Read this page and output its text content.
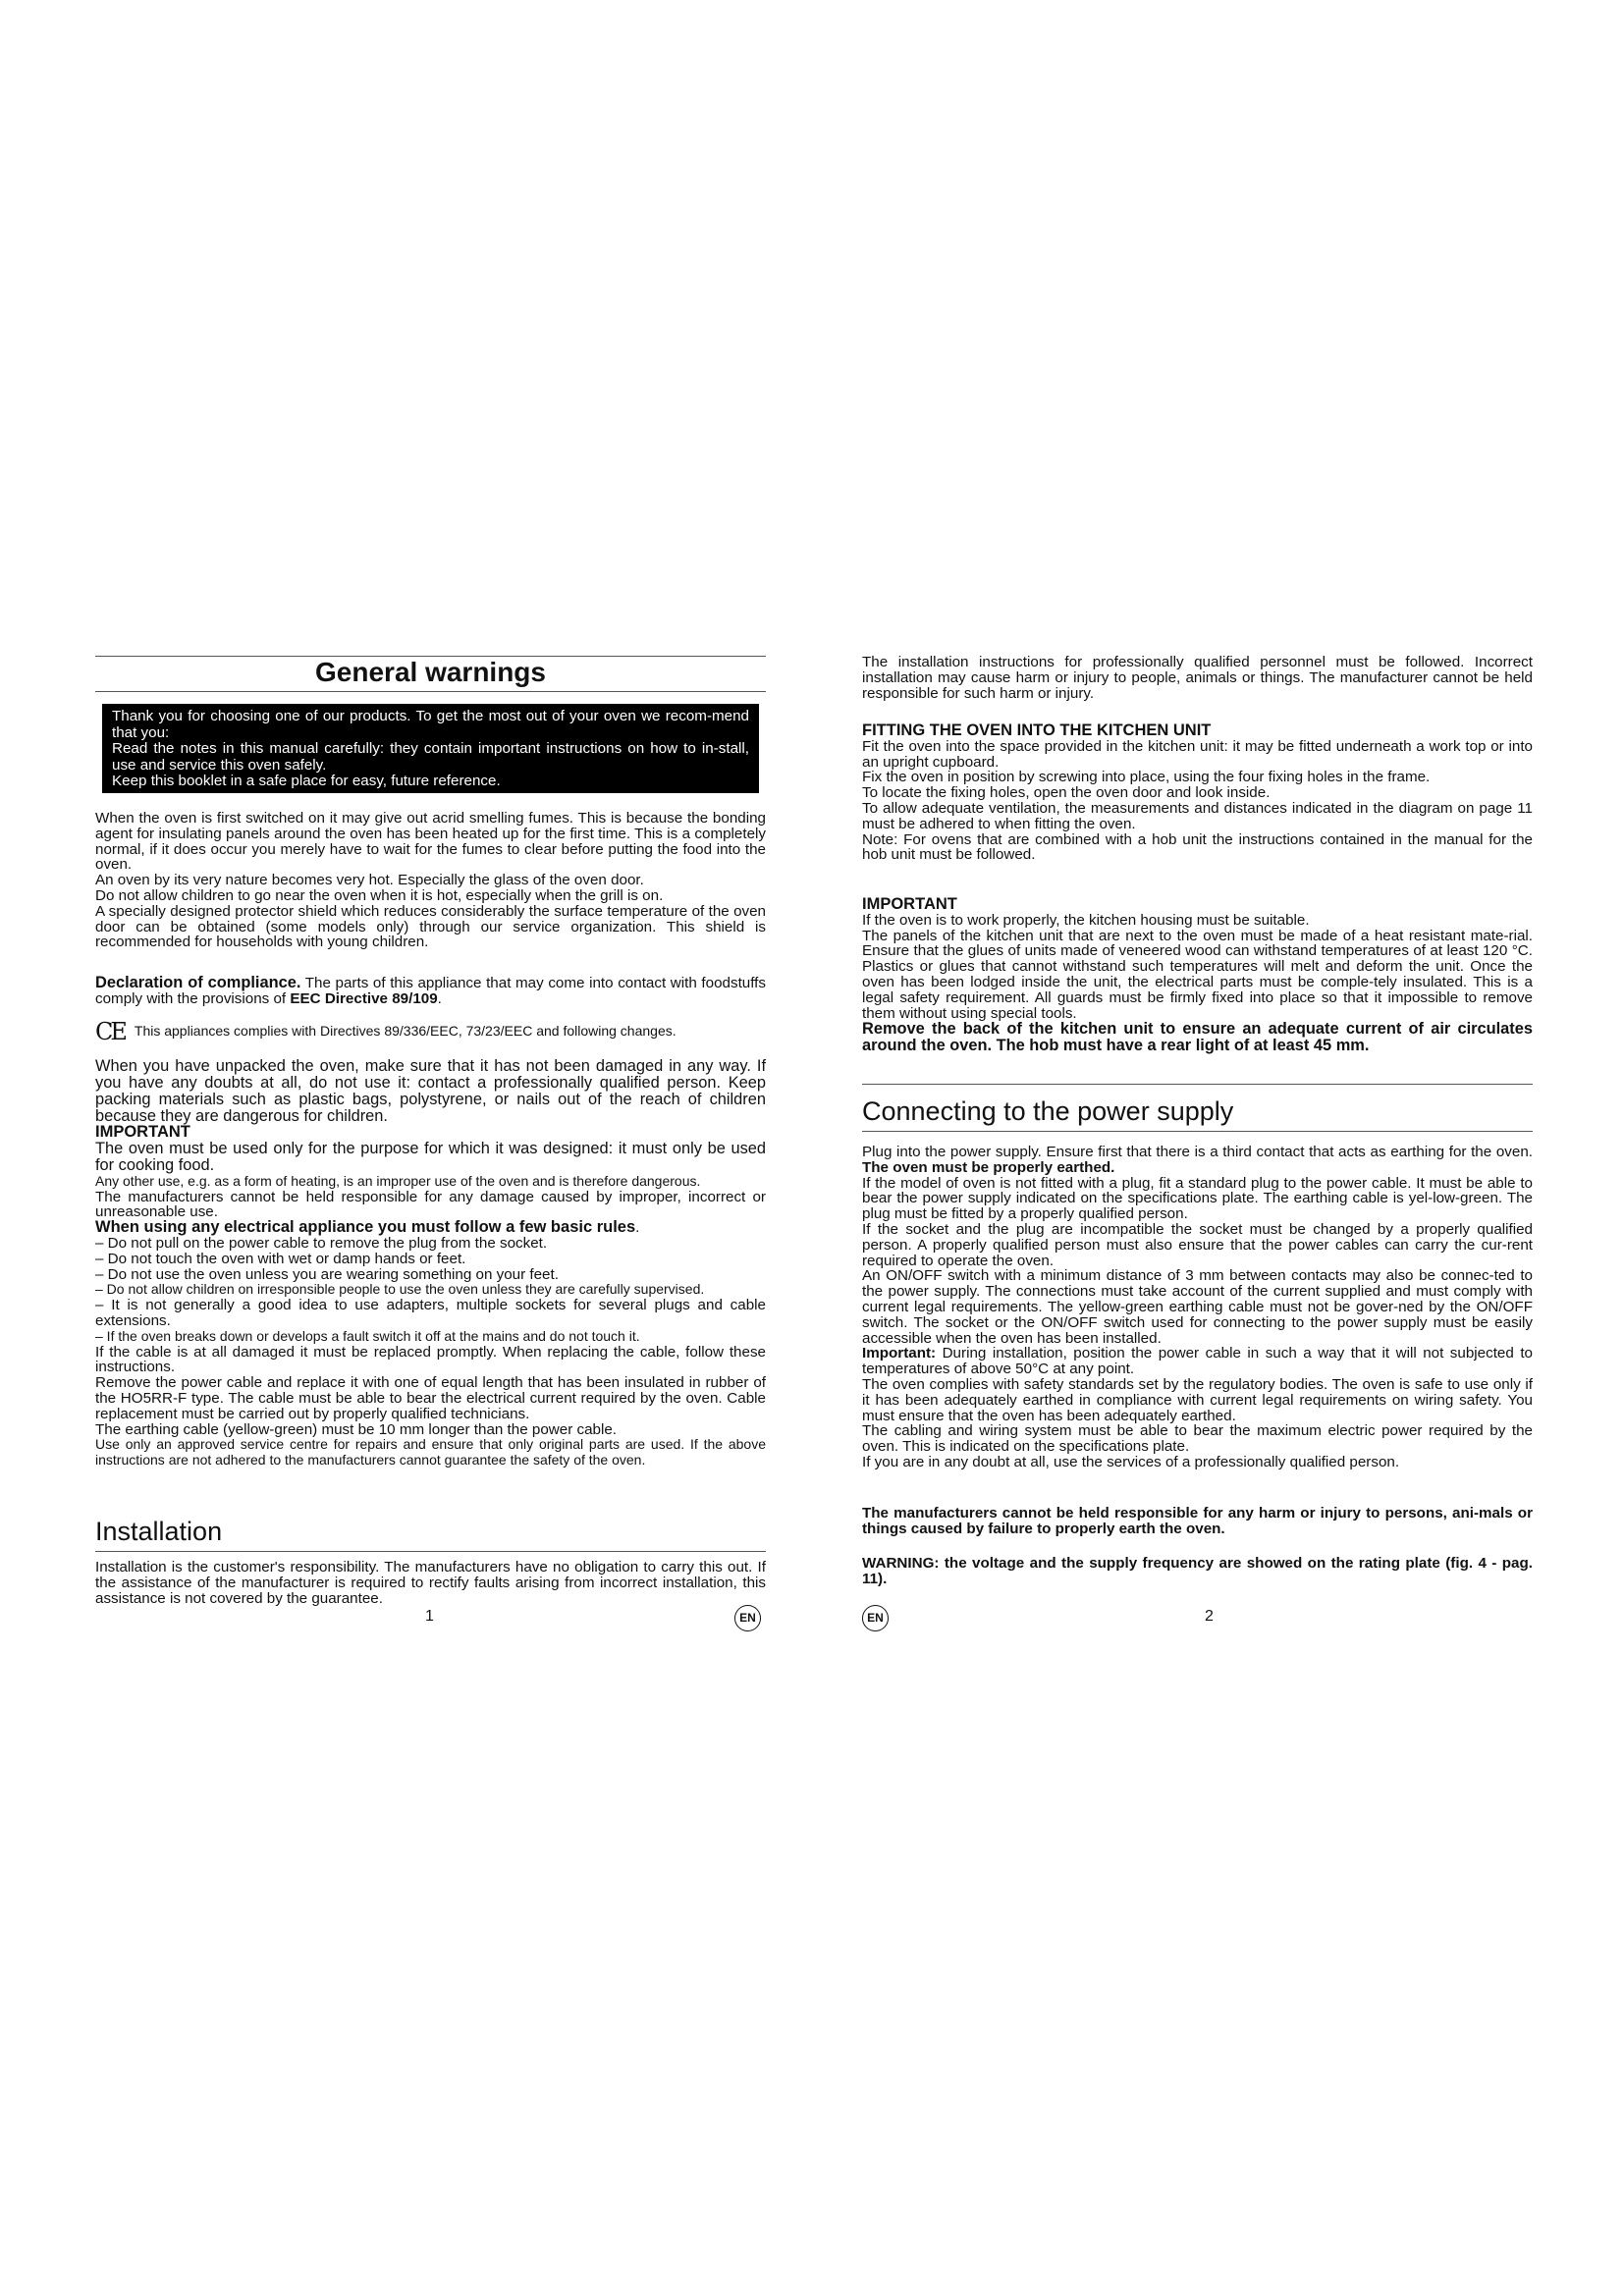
General warnings

Thank you for choosing one of our products. To get the most out of your oven we recom-mend that you:

Read the notes in this manual carefully: they contain important instructions on how to in-stall, use and service this oven safely.

Keep this booklet in a safe place for easy, future reference.

When the oven is first switched on it may give out acrid smelling fumes. This is because the bonding agent for insulating panels around the oven has been heated up for the first time. This is a completely normal, if it does occur you merely have to wait for the fumes to clear before putting the food into the oven.

An oven by its very nature becomes very hot. Especially the glass of the oven door.

Do not allow children to go near the oven when it is hot, especially when the grill is on.

A specially designed protector shield which reduces considerably the surface temperature of the oven door can be obtained (some models only) through our service organization. This shield is recommended for households with young children.

Declaration of compliance. The parts of this appliance that may come into contact with foodstuffs comply with the provisions of EEC Directive 89/109.

CE This appliances complies with Directives 89/336/EEC, 73/23/EEC and following changes.

When you have unpacked the oven, make sure that it has not been damaged in any way. If you have any doubts at all, do not use it: contact a professionally qualified person. Keep packing materials such as plastic bags, polystyrene, or nails out of the reach of children because they are dangerous for children.

IMPORTANT

The oven must be used only for the purpose for which it was designed: it must only be used for cooking food.

Any other use, e.g. as a form of heating, is an improper use of the oven and is therefore dangerous.

The manufacturers cannot be held responsible for any damage caused by improper, incorrect or unreasonable use.

When using any electrical appliance you must follow a few basic rules.

– Do not pull on the power cable to remove the plug from the socket.

– Do not touch the oven with wet or damp hands or feet.

– Do not use the oven unless you are wearing something on your feet.

– Do not allow children on irresponsible people to use the oven unless they are carefully supervised.

– It is not generally a good idea to use adapters, multiple sockets for several plugs and cable extensions.

– If the oven breaks down or develops a fault switch it off at the mains and do not touch it.

If the cable is at all damaged it must be replaced promptly. When replacing the cable, follow these instructions.

Remove the power cable and replace it with one of equal length that has been insulated in rubber of the HO5RR-F type. The cable must be able to bear the electrical current required by the oven. Cable replacement must be carried out by properly qualified technicians.

The earthing cable (yellow-green) must be 10 mm longer than the power cable.

Use only an approved service centre for repairs and ensure that only original parts are used. If the above instructions are not adhered to the manufacturers cannot guarantee the safety of the oven.

Installation

Installation is the customer's responsibility. The manufacturers have no obligation to carry this out. If the assistance of the manufacturer is required to rectify faults arising from incorrect installation, this assistance is not covered by the guarantee.

1	EN

The installation instructions for professionally qualified personnel must be followed. Incorrect installation may cause harm or injury to people, animals or things. The manufacturer cannot be held responsible for such harm or injury.

FITTING THE OVEN INTO THE KITCHEN UNIT

Fit the oven into the space provided in the kitchen unit: it may be fitted underneath a work top or into an upright cupboard.

Fix the oven in position by screwing into place, using the four fixing holes in the frame.

To locate the fixing holes, open the oven door and look inside.

To allow adequate ventilation, the measurements and distances indicated in the diagram on page 11 must be adhered to when fitting the oven.

Note: For ovens that are combined with a hob unit the instructions contained in the manual for the hob unit must be followed.

IMPORTANT

If the oven is to work properly, the kitchen housing must be suitable.

The panels of the kitchen unit that are next to the oven must be made of a heat resistant mate-rial. Ensure that the glues of units made of veneered wood can withstand temperatures of at least 120 °C. Plastics or glues that cannot withstand such temperatures will melt and deform the unit. Once the oven has been lodged inside the unit, the electrical parts must be comple-tely insulated. This is a legal safety requirement. All guards must be firmly fixed into place so that it impossible to remove them without using special tools.

Remove the back of the kitchen unit to ensure an adequate current of air circulates around the oven. The hob must have a rear light of at least 45 mm.

Connecting to the power supply

Plug into the power supply. Ensure first that there is a third contact that acts as earthing for the oven. The oven must be properly earthed.

If the model of oven is not fitted with a plug, fit a standard plug to the power cable. It must be able to bear the power supply indicated on the specifications plate. The earthing cable is yel-low-green. The plug must be fitted by a properly qualified person.

If the socket and the plug are incompatible the socket must be changed by a properly qualified person. A properly qualified person must also ensure that the power cables can carry the cur-rent required to operate the oven.

An ON/OFF switch with a minimum distance of 3 mm between contacts may also be connec-ted to the power supply. The connections must take account of the current supplied and must comply with current legal requirements. The yellow-green earthing cable must not be gover-ned by the ON/OFF switch. The socket or the ON/OFF switch used for connecting to the power supply must be easily accessible when the oven has been installed.

Important: During installation, position the power cable in such a way that it will not subjected to temperatures of above 50°C at any point.

The oven complies with safety standards set by the regulatory bodies. The oven is safe to use only if it has been adequately earthed in compliance with current legal requirements on wiring safety. You must ensure that the oven has been adequately earthed.

The cabling and wiring system must be able to bear the maximum electric power required by the oven. This is indicated on the specifications plate.

If you are in any doubt at all, use the services of a professionally qualified person.

The manufacturers cannot be held responsible for any harm or injury to persons, ani-mals or things caused by failure to properly earth the oven.

WARNING: the voltage and the supply frequency are showed on the rating plate (fig. 4 - pag. 11).

EN	2
